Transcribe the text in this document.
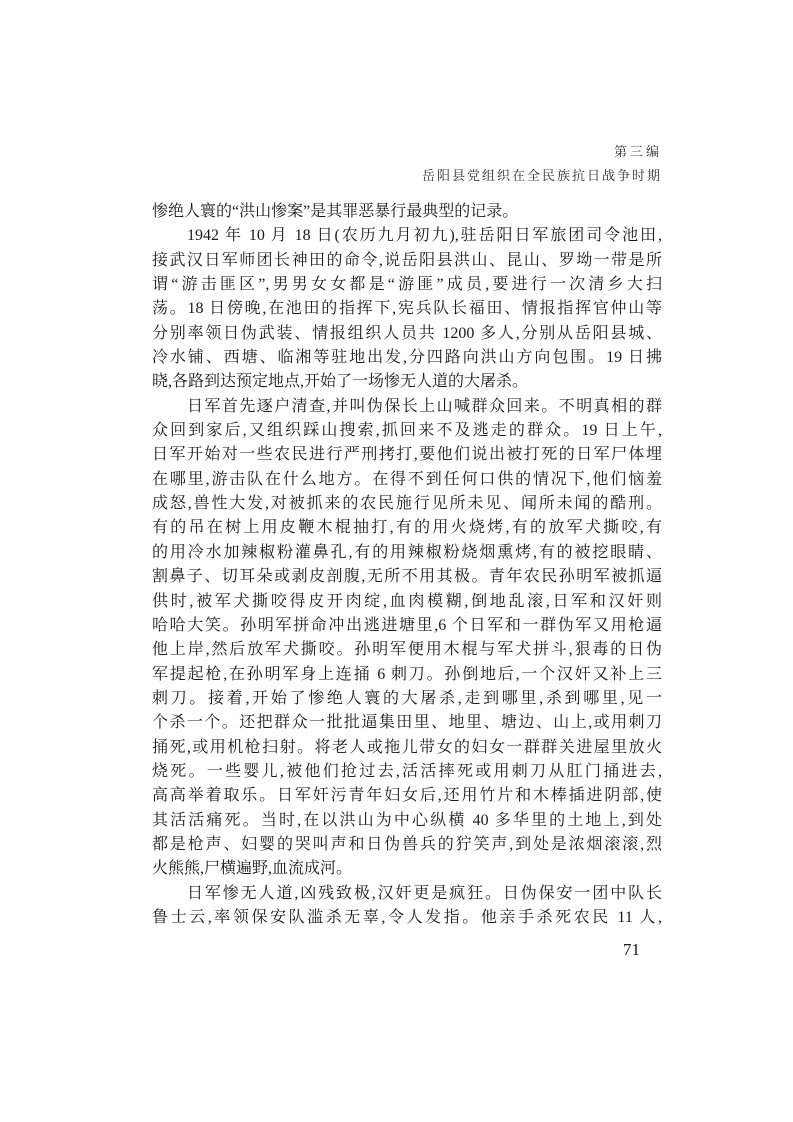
第三编
岳阳县党组织在全民族抗日战争时期
惨绝人寰的“洪山惨案”是其罪恶暴行最典型的记录。
1942 年 10 月 18 日(农历九月初九),驻岳阳日军旅团司令池田,
接武汉日军师团长神田的命令,说岳阳县洪山、昆山、罗坳一带是所
谓“游击匪区”,男男女女都是“游匪”成员,要进行一次清乡大扫
荡。18 日傍晚,在池田的指挥下,宪兵队长福田、情报指挥官仲山等
分别率领日伪武装、情报组织人员共 1200 多人,分别从岳阳县城、
冷水铺、西塘、临湘等驻地出发,分四路向洪山方向包围。19 日拂
晓,各路到达预定地点,开始了一场惨无人道的大屠杀。
日军首先逐户清查,并叫伪保长上山喊群众回来。不明真相的群
众回到家后,又组织踩山搜索,抓回来不及逃走的群众。19 日上午,
日军开始对一些农民进行严刑拷打,要他们说出被打死的日军尸体埋
在哪里,游击队在什么地方。在得不到任何口供的情况下,他们恼羞
成怒,兽性大发,对被抓来的农民施行见所未见、闻所未闻的酷刑。
有的吊在树上用皮鞭木棍抽打,有的用火烧烤,有的放军犬撕咬,有
的用冷水加辣椒粉灌鼻孔,有的用辣椒粉烧烟熏烤,有的被挖眼睛、
割鼻子、切耳朵或剥皮剖腹,无所不用其极。青年农民孙明军被抓逼
供时,被军犬撕咬得皮开肉绽,血肉模糊,倒地乱滚,日军和汉奸则
哈哈大笑。孙明军拼命冲出逃进塘里,6 个日军和一群伪军又用枪逼
他上岸,然后放军犬撕咬。孙明军便用木棍与军犬拼斗,狠毒的日伪
军提起枪,在孙明军身上连捅 6 刺刀。孙倒地后,一个汉奸又补上三
刺刀。接着,开始了惨绝人寰的大屠杀,走到哪里,杀到哪里,见一
个杀一个。还把群众一批批逼集田里、地里、塘边、山上,或用刺刀
捅死,或用机枪扫射。将老人或拖儿带女的妇女一群群关进屋里放火
烧死。一些婴儿,被他们抢过去,活活摔死或用刺刀从肛门捅进去,
高高举着取乐。日军奸污青年妇女后,还用竹片和木棒插进阴部,使
其活活痛死。当时,在以洪山为中心纵横 40 多华里的土地上,到处
都是枪声、妇婴的哭叫声和日伪兽兵的狞笑声,到处是浓烟滚滚,烈
火熊熊,尸横遍野,血流成河。
日军惨无人道,凶残致极,汉奸更是疯狂。日伪保安一团中队长
鲁士云,率领保安队滥杀无辜,令人发指。他亲手杀死农民 11 人,
71
